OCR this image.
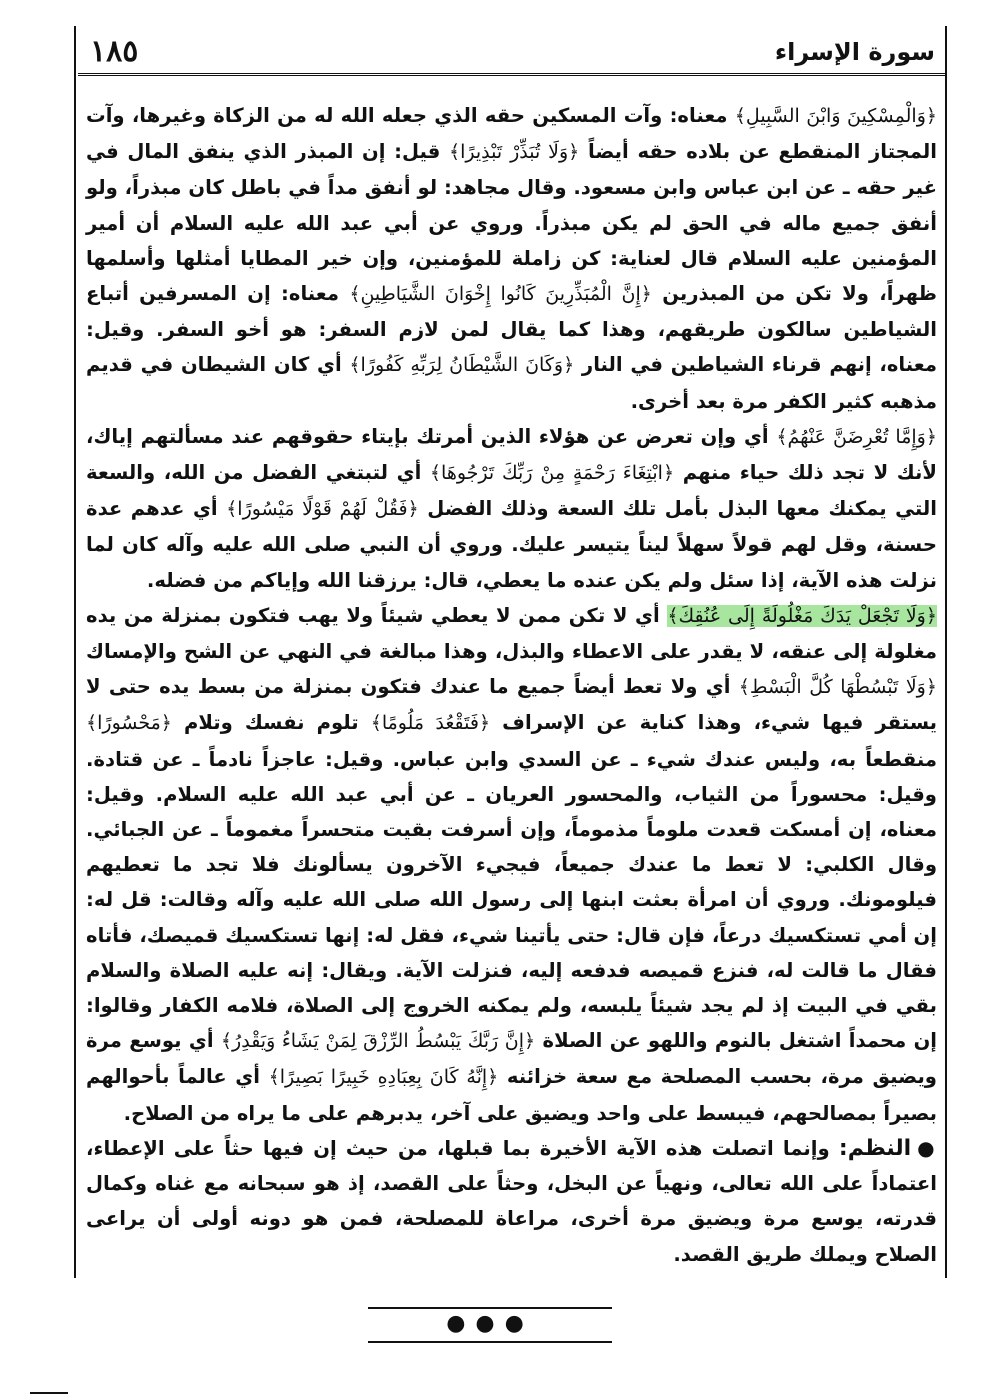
١٨٥	سورة الإسراء

﴿وَالْمِسْكِينَ وَابْنَ السَّبِيلِ﴾ معناه: وآت المسكين حقه الذي جعله الله له من الزكاة وغيرها، وآت المجتاز المنقطع عن بلاده حقه أيضاً ﴿وَلَا تُبَذِّرْ تَبْذِيرًا﴾ قيل: إن المبذر الذي ينفق المال في غير حقه ـ عن ابن عباس وابن مسعود. وقال مجاهد: لو أنفق مداً في باطل كان مبذراً، ولو أنفق جميع ماله في الحق لم يكن مبذراً. وروي عن أبي عبد الله عليه السلام أن أمير المؤمنين عليه السلام قال لعناية: كن زاملة للمؤمنين، وإن خير المطايا أمثلها وأسلمها ظهراً، ولا تكن من المبذرين ﴿إِنَّ الْمُبَذِّرِينَ كَانُوا إِخْوَانَ الشَّيَاطِينِ﴾ معناه: إن المسرفين أتباع الشياطين سالكون طريقهم، وهذا كما يقال لمن لازم السفر: هو أخو السفر. وقيل: معناه، إنهم قرناء الشياطين في النار ﴿وَكَانَ الشَّيْطَانُ لِرَبِّهِ كَفُورًا﴾ أي كان الشيطان في قديم مذهبه كثير الكفر مرة بعد أخرى.

﴿وَإِمَّا تُعْرِضَنَّ عَنْهُمُ﴾ أي وإن تعرض عن هؤلاء الذين أمرتك بإيتاء حقوقهم عند مسألتهم إياك، لأنك لا تجد ذلك حياء منهم ﴿ابْتِغَاءَ رَحْمَةٍ مِنْ رَبِّكَ تَرْجُوهَا﴾ أي لتبتغي الفضل من الله، والسعة التي يمكنك معها البذل بأمل تلك السعة وذلك الفضل ﴿فَقُلْ لَهُمْ قَوْلًا مَيْسُورًا﴾ أي عدهم عدة حسنة، وقل لهم قولاً سهلاً ليناً يتيسر عليك. وروي أن النبي صلى الله عليه وآله كان لما نزلت هذه الآية، إذا سئل ولم يكن عنده ما يعطي، قال: يرزقنا الله وإياكم من فضله.

﴿وَلَا تَجْعَلْ يَدَكَ مَغْلُولَةً إِلَى عُنُقِكَ﴾ أي لا تكن ممن لا يعطي شيئاً ولا يهب فتكون بمنزلة من يده مغلولة إلى عنقه، لا يقدر على الاعطاء والبذل، وهذا مبالغة في النهي عن الشح والإمساك ﴿وَلَا تَبْسُطْهَا كُلَّ الْبَسْطِ﴾ أي ولا تعط أيضاً جميع ما عندك فتكون بمنزلة من بسط يده حتى لا يستقر فيها شيء، وهذا كناية عن الإسراف ﴿فَتَقْعُدَ مَلُومًا﴾ تلوم نفسك وتلام ﴿مَحْسُورًا﴾ منقطعاً به، وليس عندك شيء ـ عن السدي وابن عباس. وقيل: عاجزاً نادماً ـ عن قتادة. وقيل: محسوراً من الثياب، والمحسور العريان ـ عن أبي عبد الله عليه السلام. وقيل: معناه، إن أمسكت قعدت ملوماً مذموماً، وإن أسرفت بقيت متحسراً مغموماً ـ عن الجبائي. وقال الكلبي: لا تعط ما عندك جميعاً، فيجيء الآخرون يسألونك فلا تجد ما تعطيهم فيلومونك. وروي أن امرأة بعثت ابنها إلى رسول الله صلى الله عليه وآله وقالت: قل له: إن أمي تستكسيك درعاً، فإن قال: حتى يأتينا شيء، فقل له: إنها تستكسيك قميصك، فأتاه فقال ما قالت له، فنزع قميصه فدفعه إليه، فنزلت الآية. ويقال: إنه عليه الصلاة والسلام بقي في البيت إذ لم يجد شيئاً يلبسه، ولم يمكنه الخروج إلى الصلاة، فلامه الكفار وقالوا: إن محمداً اشتغل بالنوم واللهو عن الصلاة ﴿إِنَّ رَبَّكَ يَبْسُطُ الرِّزْقَ لِمَنْ يَشَاءُ وَيَقْدِرُ﴾ أي يوسع مرة ويضيق مرة، بحسب المصلحة مع سعة خزائنه ﴿إِنَّهُ كَانَ بِعِبَادِهِ خَبِيرًا بَصِيرًا﴾ أي عالماً بأحوالهم بصيراً بمصالحهم، فيبسط على واحد ويضيق على آخر، يدبرهم على ما يراه من الصلاح.

●النظم: وإنما اتصلت هذه الآية الأخيرة بما قبلها، من حيث إن فيها حثاً على الإعطاء، اعتماداً على الله تعالى، ونهياً عن البخل، وحثاً على القصد، إذ هو سبحانه مع غناه وكمال قدرته، يوسع مرة ويضيق مرة أخرى، مراعاة للمصلحة، فمن هو دونه أولى أن يراعى الصلاح ويملك طريق القصد.

●●●
